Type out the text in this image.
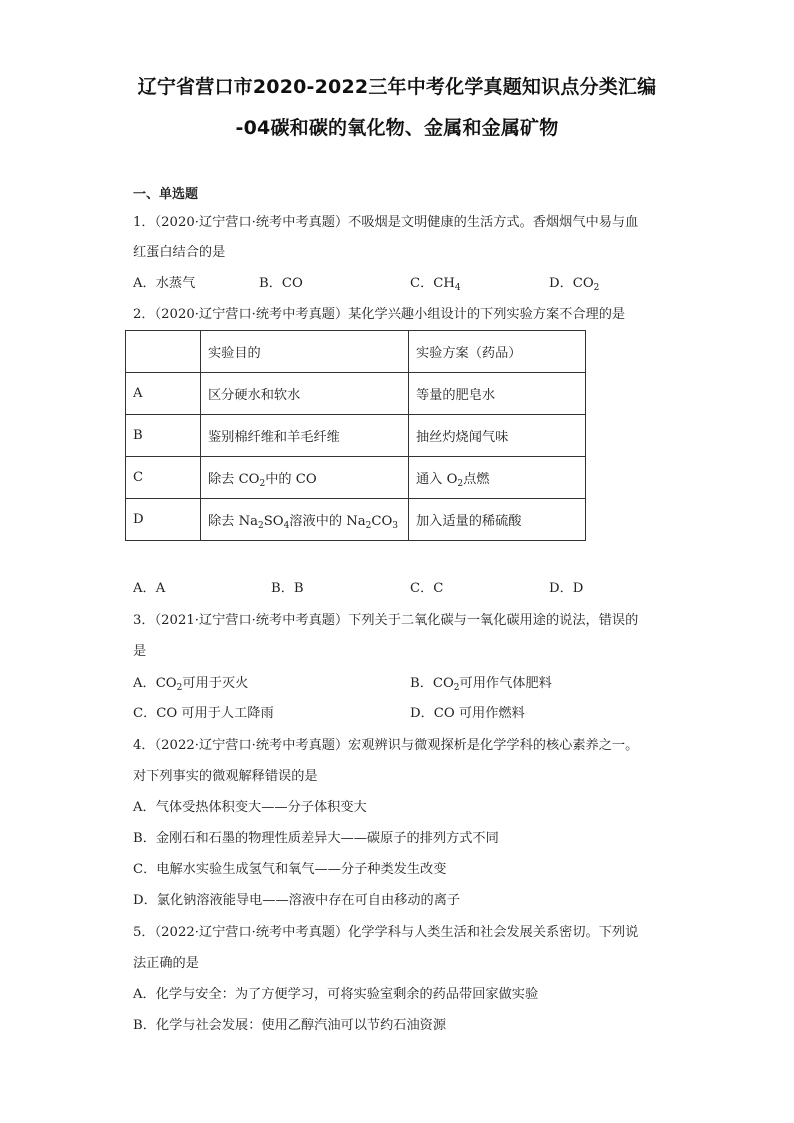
辽宁省营口市2020-2022三年中考化学真题知识点分类汇编
-04碳和碳的氧化物、金属和金属矿物
一、单选题
1．（2020·辽宁营口·统考中考真题）不吸烟是文明健康的生活方式。香烟烟气中易与血
红蛋白结合的是
A．水蒸气	B．CO	C．$CH_4$	D．$CO_2$
2．（2020·辽宁营口·统考中考真题）某化学兴趣小组设计的下列实验方案不合理的是
	实验目的	实验方案（药品）
A	区分硬水和软水	等量的肥皂水
B	鉴别棉纤维和羊毛纤维	抽丝灼烧闻气味
C	除去 $CO_2$中的 CO	通入 $O_2$点燃
D	除去 $Na_2SO_4$溶液中的 $Na_2CO_3$	加入适量的稀硫酸
A．A	B．B	C．C	D．D
3．（2021·辽宁营口·统考中考真题）下列关于二氧化碳与一氧化碳用途的说法，错误的
是
A．$CO_2$可用于灭火	B．$CO_2$可用作气体肥料
C．CO 可用于人工降雨	D．CO 可用作燃料
4．（2022·辽宁营口·统考中考真题）宏观辨识与微观探析是化学学科的核心素养之一。
对下列事实的微观解释错误的是
A．气体受热体积变大——分子体积变大
B．金刚石和石墨的物理性质差异大——碳原子的排列方式不同
C．电解水实验生成氢气和氧气——分子种类发生改变
D．氯化钠溶液能导电——溶液中存在可自由移动的离子
5．（2022·辽宁营口·统考中考真题）化学学科与人类生活和社会发展关系密切。下列说
法正确的是
A．化学与安全：为了方便学习，可将实验室剩余的药品带回家做实验
B．化学与社会发展：使用乙醇汽油可以节约石油资源
